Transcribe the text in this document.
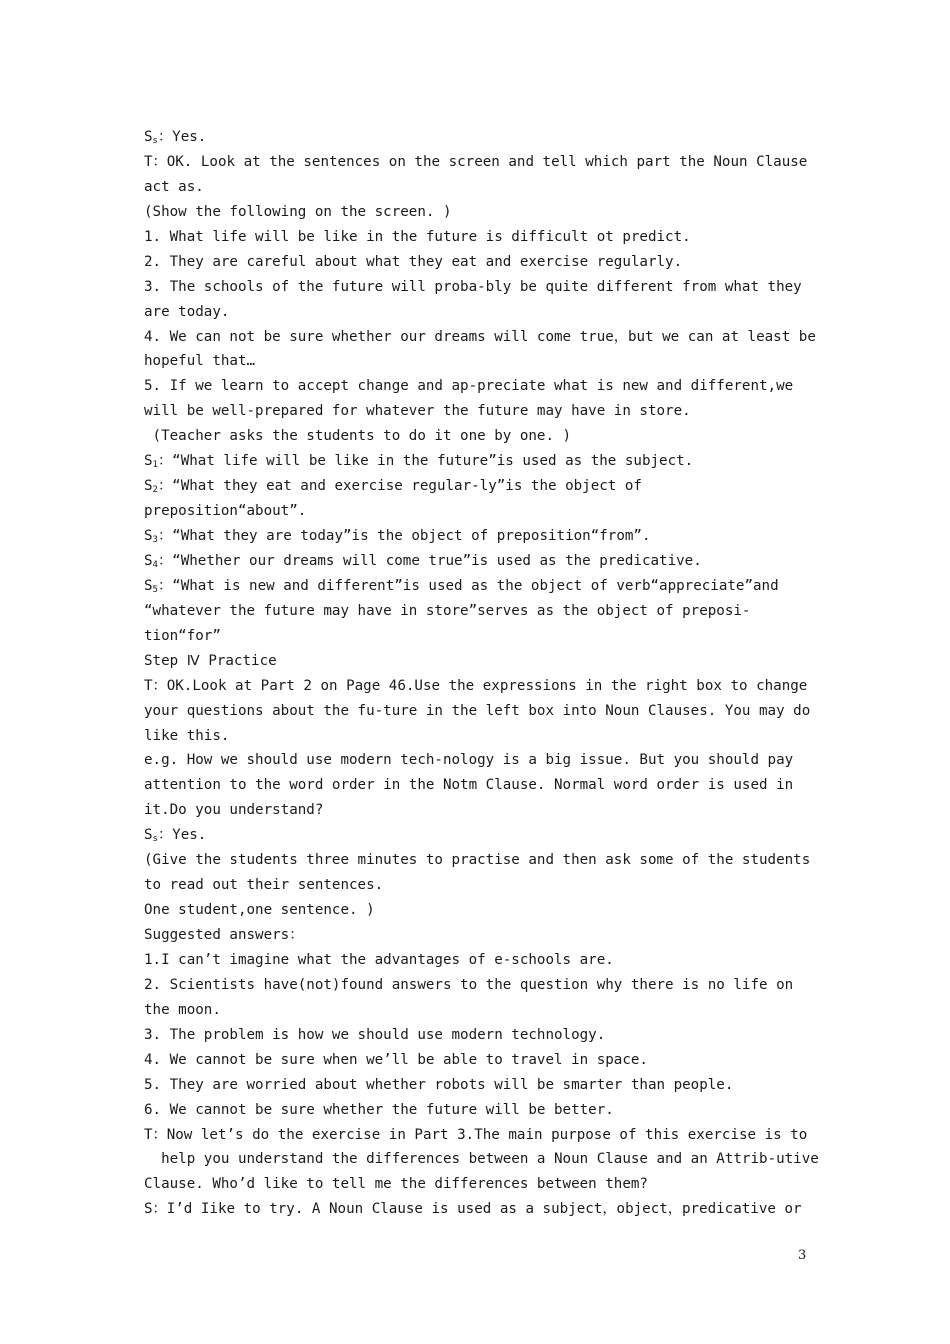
$S_s$：Yes.
T：OK. Look at the sentences on the screen and tell which part the Noun Clause
act as.
(Show the following on the screen. )
1. What life will be like in the future is difficult ot predict.
2. They are careful about what they eat and exercise regularly.
3. The schools of the future will proba-bly be quite different from what they
are today.
4. We can not be sure whether our dreams will come true，but we can at least be
hopeful that…
5. If we learn to accept change and ap-preciate what is new and different,we
will be well-prepared for whatever the future may have in store.
(Teacher asks the students to do it one by one. )
$S_1$：“What life will be like in the future”is used as the subject.
$S_2$：“What they eat and exercise regular-ly”is the object of
preposition“about”.
$S_3$：“What they are today”is the object of preposition“from”.
$S_4$：“Whether our dreams will come true”is used as the predicative.
$S_5$：“What is new and different”is used as the object of verb“appreciate”and
“whatever the future may have in store”serves as the object of preposi-
tion“for”
Step Ⅳ Practice
T：OK.Look at Part 2 on Page 46.Use the expressions in the right box to change
your questions about the fu-ture in the left box into Noun Clauses. You may do
like this.
e.g. How we should use modern tech-nology is a big issue. But you should pay
attention to the word order in the Notm Clause. Normal word order is used in
it.Do you understand?
$S_s$：Yes.
(Give the students three minutes to practise and then ask some of the students
to read out their sentences.
One student,one sentence. )
Suggested answers：
1.I can’t imagine what the advantages of e-schools are.
2. Scientists have(not)found answers to the question why there is no life on
the moon.
3. The problem is how we should use modern technology.
4. We cannot be sure when we’ll be able to travel in space.
5. They are worried about whether robots will be smarter than people.
6. We cannot be sure whether the future will be better.
T：Now let’s do the exercise in Part 3.The main purpose of this exercise is to
help you understand the differences between a Noun Clause and an Attrib-utive
Clause. Who’d like to tell me the differences between them?
S：I’d Iike to try. A Noun Clause is used as a subject，object，predicative or
3
